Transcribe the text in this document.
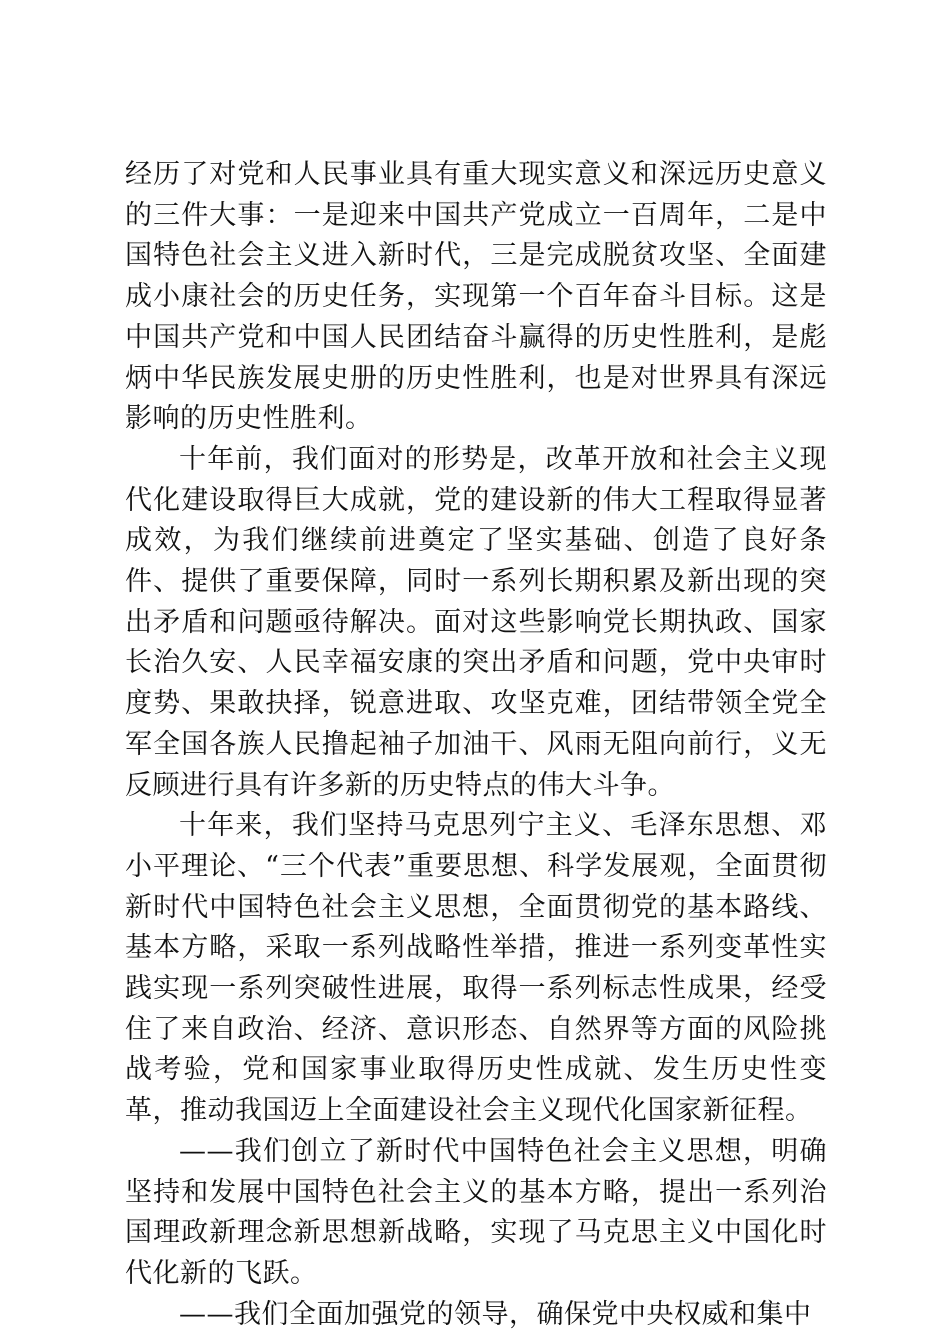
经历了对党和人民事业具有重大现实意义和深远历史意义的三件大事：一是迎来中国共产党成立一百周年，二是中国特色社会主义进入新时代，三是完成脱贫攻坚、全面建成小康社会的历史任务，实现第一个百年奋斗目标。这是中国共产党和中国人民团结奋斗赢得的历史性胜利，是彪炳中华民族发展史册的历史性胜利，也是对世界具有深远影响的历史性胜利。

十年前，我们面对的形势是，改革开放和社会主义现代化建设取得巨大成就，党的建设新的伟大工程取得显著成效，为我们继续前进奠定了坚实基础、创造了良好条件、提供了重要保障，同时一系列长期积累及新出现的突出矛盾和问题亟待解决。面对这些影响党长期执政、国家长治久安、人民幸福安康的突出矛盾和问题，党中央审时度势、果敢抉择，锐意进取、攻坚克难，团结带领全党全军全国各族人民撸起袖子加油干、风雨无阻向前行，义无反顾进行具有许多新的历史特点的伟大斗争。

十年来，我们坚持马克思列宁主义、毛泽东思想、邓小平理论、“三个代表”重要思想、科学发展观，全面贯彻新时代中国特色社会主义思想，全面贯彻党的基本路线、基本方略，采取一系列战略性举措，推进一系列变革性实践实现一系列突破性进展，取得一系列标志性成果，经受住了来自政治、经济、意识形态、自然界等方面的风险挑战考验，党和国家事业取得历史性成就、发生历史性变革，推动我国迈上全面建设社会主义现代化国家新征程。

——我们创立了新时代中国特色社会主义思想，明确坚持和发展中国特色社会主义的基本方略，提出一系列治国理政新理念新思想新战略，实现了马克思主义中国化时代化新的飞跃。

——我们全面加强党的领导，确保党中央权威和集中
